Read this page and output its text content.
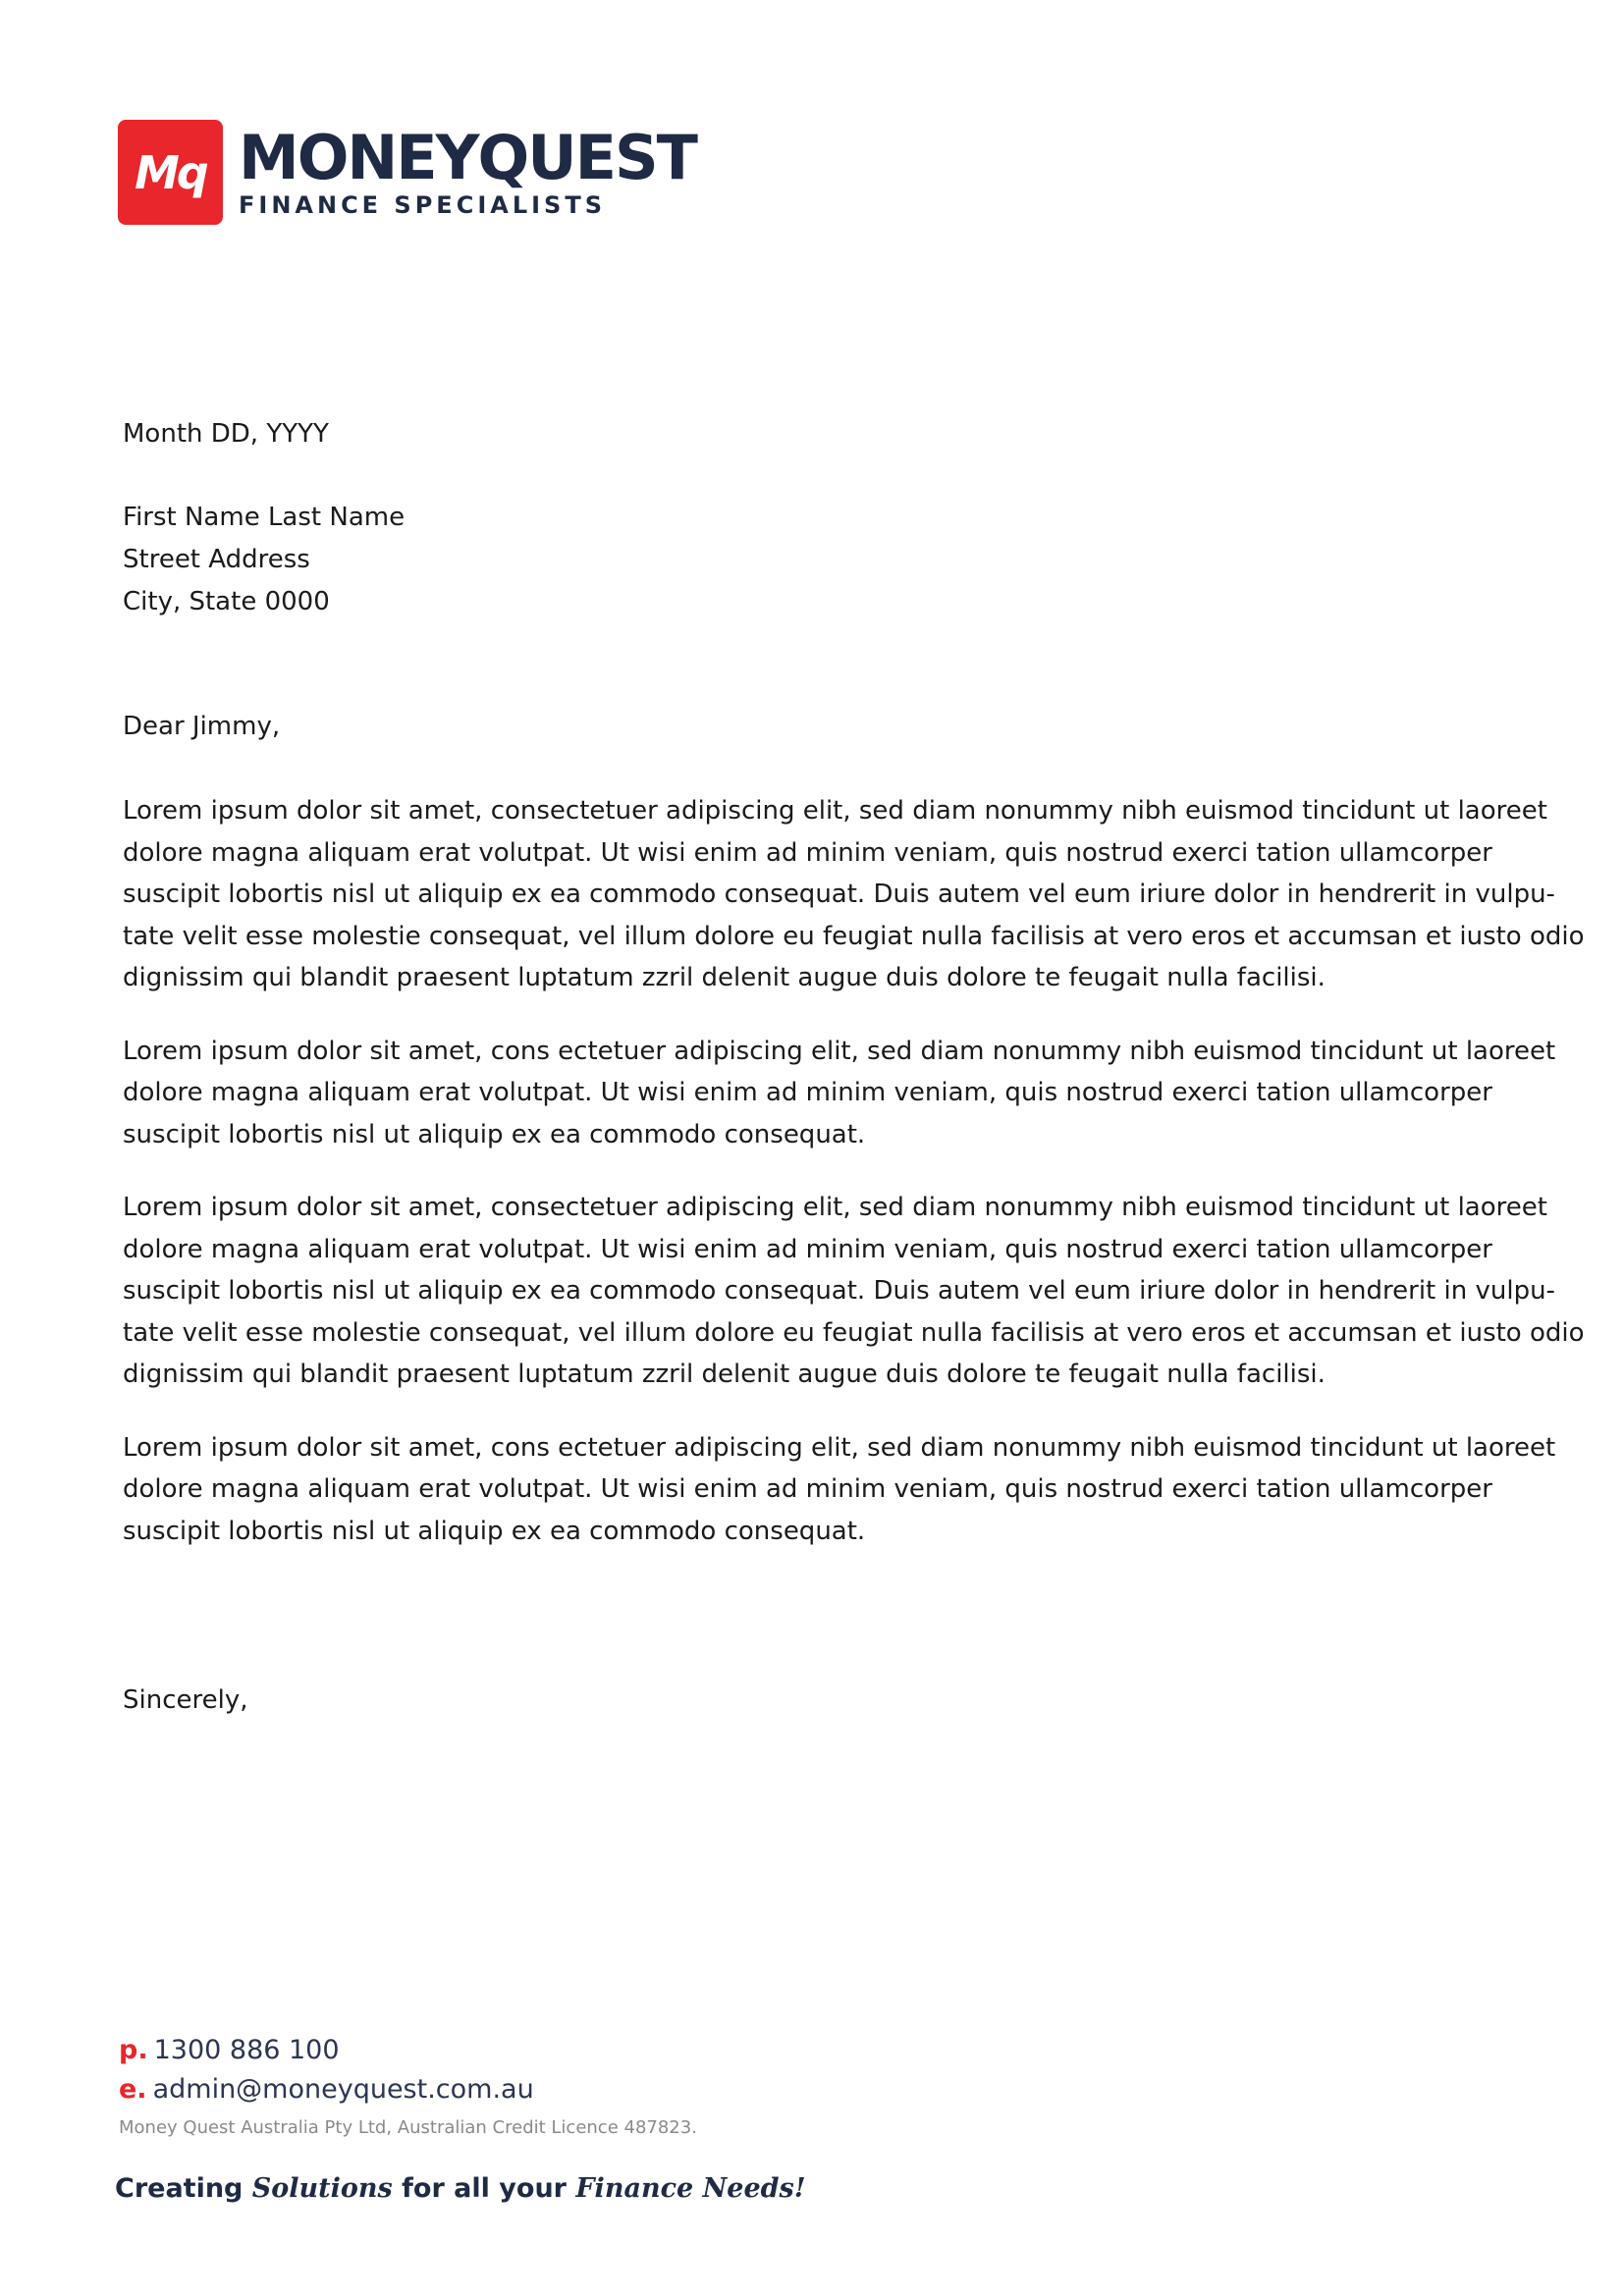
Mq MONEYQUEST
FINANCE SPECIALISTS
Month DD, YYYY
First Name Last Name
Street Address
City, State 0000
Dear Jimmy,

Lorem ipsum dolor sit amet, consectetuer adipiscing elit, sed diam nonummy nibh euismod tincidunt ut laoreet
dolore magna aliquam erat volutpat. Ut wisi enim ad minim veniam, quis nostrud exerci tation ullamcorper
suscipit lobortis nisl ut aliquip ex ea commodo consequat. Duis autem vel eum iriure dolor in hendrerit in vulpu-
tate velit esse molestie consequat, vel illum dolore eu feugiat nulla facilisis at vero eros et accumsan et iusto odio
dignissim qui blandit praesent luptatum zzril delenit augue duis dolore te feugait nulla facilisi.

Lorem ipsum dolor sit amet, cons ectetuer adipiscing elit, sed diam nonummy nibh euismod tincidunt ut laoreet
dolore magna aliquam erat volutpat. Ut wisi enim ad minim veniam, quis nostrud exerci tation ullamcorper
suscipit lobortis nisl ut aliquip ex ea commodo consequat.

Lorem ipsum dolor sit amet, consectetuer adipiscing elit, sed diam nonummy nibh euismod tincidunt ut laoreet
dolore magna aliquam erat volutpat. Ut wisi enim ad minim veniam, quis nostrud exerci tation ullamcorper
suscipit lobortis nisl ut aliquip ex ea commodo consequat. Duis autem vel eum iriure dolor in hendrerit in vulpu-
tate velit esse molestie consequat, vel illum dolore eu feugiat nulla facilisis at vero eros et accumsan et iusto odio
dignissim qui blandit praesent luptatum zzril delenit augue duis dolore te feugait nulla facilisi.

Lorem ipsum dolor sit amet, cons ectetuer adipiscing elit, sed diam nonummy nibh euismod tincidunt ut laoreet
dolore magna aliquam erat volutpat. Ut wisi enim ad minim veniam, quis nostrud exerci tation ullamcorper
suscipit lobortis nisl ut aliquip ex ea commodo consequat.

Sincerely,
p. 1300 886 100
e. admin@moneyquest.com.au
Money Quest Australia Pty Ltd, Australian Credit Licence 487823.
Creating Solutions for all your Finance Needs!
